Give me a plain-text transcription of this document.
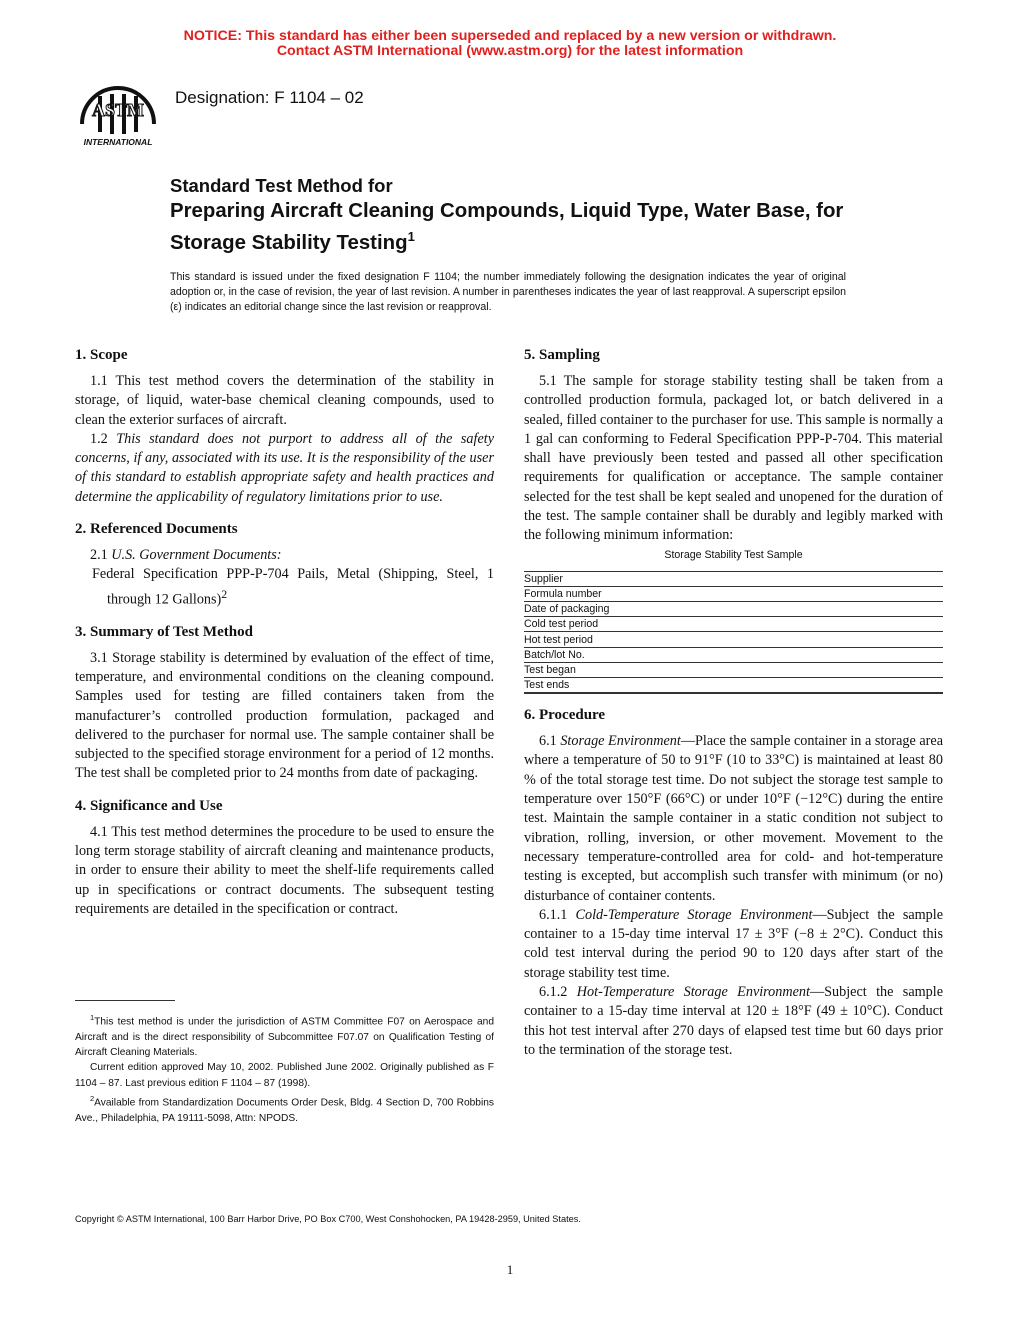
NOTICE: This standard has either been superseded and replaced by a new version or withdrawn.
Contact ASTM International (www.astm.org) for the latest information
ASTM
INTERNATIONAL
Designation: F 1104 – 02
Standard Test Method for
Preparing Aircraft Cleaning Compounds, Liquid Type, Water Base, for Storage Stability Testing$^1$
This standard is issued under the fixed designation F 1104; the number immediately following the designation indicates the year of original adoption or, in the case of revision, the year of last revision. A number in parentheses indicates the year of last reapproval. A superscript epsilon (ε) indicates an editorial change since the last revision or reapproval.
1. Scope

1.1 This test method covers the determination of the stability in storage, of liquid, water-base chemical cleaning compounds, used to clean the exterior surfaces of aircraft.

1.2 This standard does not purport to address all of the safety concerns, if any, associated with its use. It is the responsibility of the user of this standard to establish appropriate safety and health practices and determine the applicability of regulatory limitations prior to use.

2. Referenced Documents

2.1 U.S. Government Documents:

Federal Specification PPP-P-704 Pails, Metal (Shipping, Steel, 1 through 12 Gallons)$^2$

3. Summary of Test Method

3.1 Storage stability is determined by evaluation of the effect of time, temperature, and environmental conditions on the cleaning compound. Samples used for testing are filled containers taken from the manufacturer’s controlled production formulation, packaged and delivered to the purchaser for normal use. The sample container shall be subjected to the specified storage environment for a period of 12 months. The test shall be completed prior to 24 months from date of packaging.

4. Significance and Use

4.1 This test method determines the procedure to be used to ensure the long term storage stability of aircraft cleaning and maintenance products, in order to ensure their ability to meet the shelf-life requirements called up in specifications or contract documents. The subsequent testing requirements are detailed in the specification or contract.

5. Sampling

5.1 The sample for storage stability testing shall be taken from a controlled production formula, packaged lot, or batch delivered in a sealed, filled container to the purchaser for use. This sample is normally a 1 gal can conforming to Federal Specification PPP-P-704. This material shall have previously been tested and passed all other specification requirements for qualification or acceptance. The sample container selected for the test shall be kept sealed and unopened for the duration of the test. The sample container shall be durably and legibly marked with the following minimum information:

Storage Stability Test Sample
Supplier
Formula number
Date of packaging
Cold test period
Hot test period
Batch/lot No.
Test began
Test ends
6. Procedure

6.1 Storage Environment—Place the sample container in a storage area where a temperature of 50 to 91°F (10 to 33°C) is maintained at least 80 % of the total storage test time. Do not subject the storage test sample to temperature over 150°F (66°C) or under 10°F (−12°C) during the entire test. Maintain the sample container in a static condition not subject to vibration, rolling, inversion, or other movement. Movement to the necessary temperature-controlled area for cold- and hot-temperature testing is excepted, but accomplish such transfer with minimum (or no) disturbance of container contents.

6.1.1 Cold-Temperature Storage Environment—Subject the sample container to a 15-day time interval 17 ± 3°F (−8 ± 2°C). Conduct this cold test interval during the period 90 to 120 days after start of the storage stability test time.

6.1.2 Hot-Temperature Storage Environment—Subject the sample container to a 15-day time interval at 120 ± 18°F (49 ± 10°C). Conduct this hot test interval after 270 days of elapsed test time but 60 days prior to the termination of the storage test.

$^1$This test method is under the jurisdiction of ASTM Committee F07 on Aerospace and Aircraft and is the direct responsibility of Subcommittee F07.07 on Qualification Testing of Aircraft Cleaning Materials.

Current edition approved May 10, 2002. Published June 2002. Originally published as F 1104 – 87. Last previous edition F 1104 – 87 (1998).

$^2$Available from Standardization Documents Order Desk, Bldg. 4 Section D, 700 Robbins Ave., Philadelphia, PA 19111-5098, Attn: NPODS.

Copyright © ASTM International, 100 Barr Harbor Drive, PO Box C700, West Conshohocken, PA 19428-2959, United States.
1
